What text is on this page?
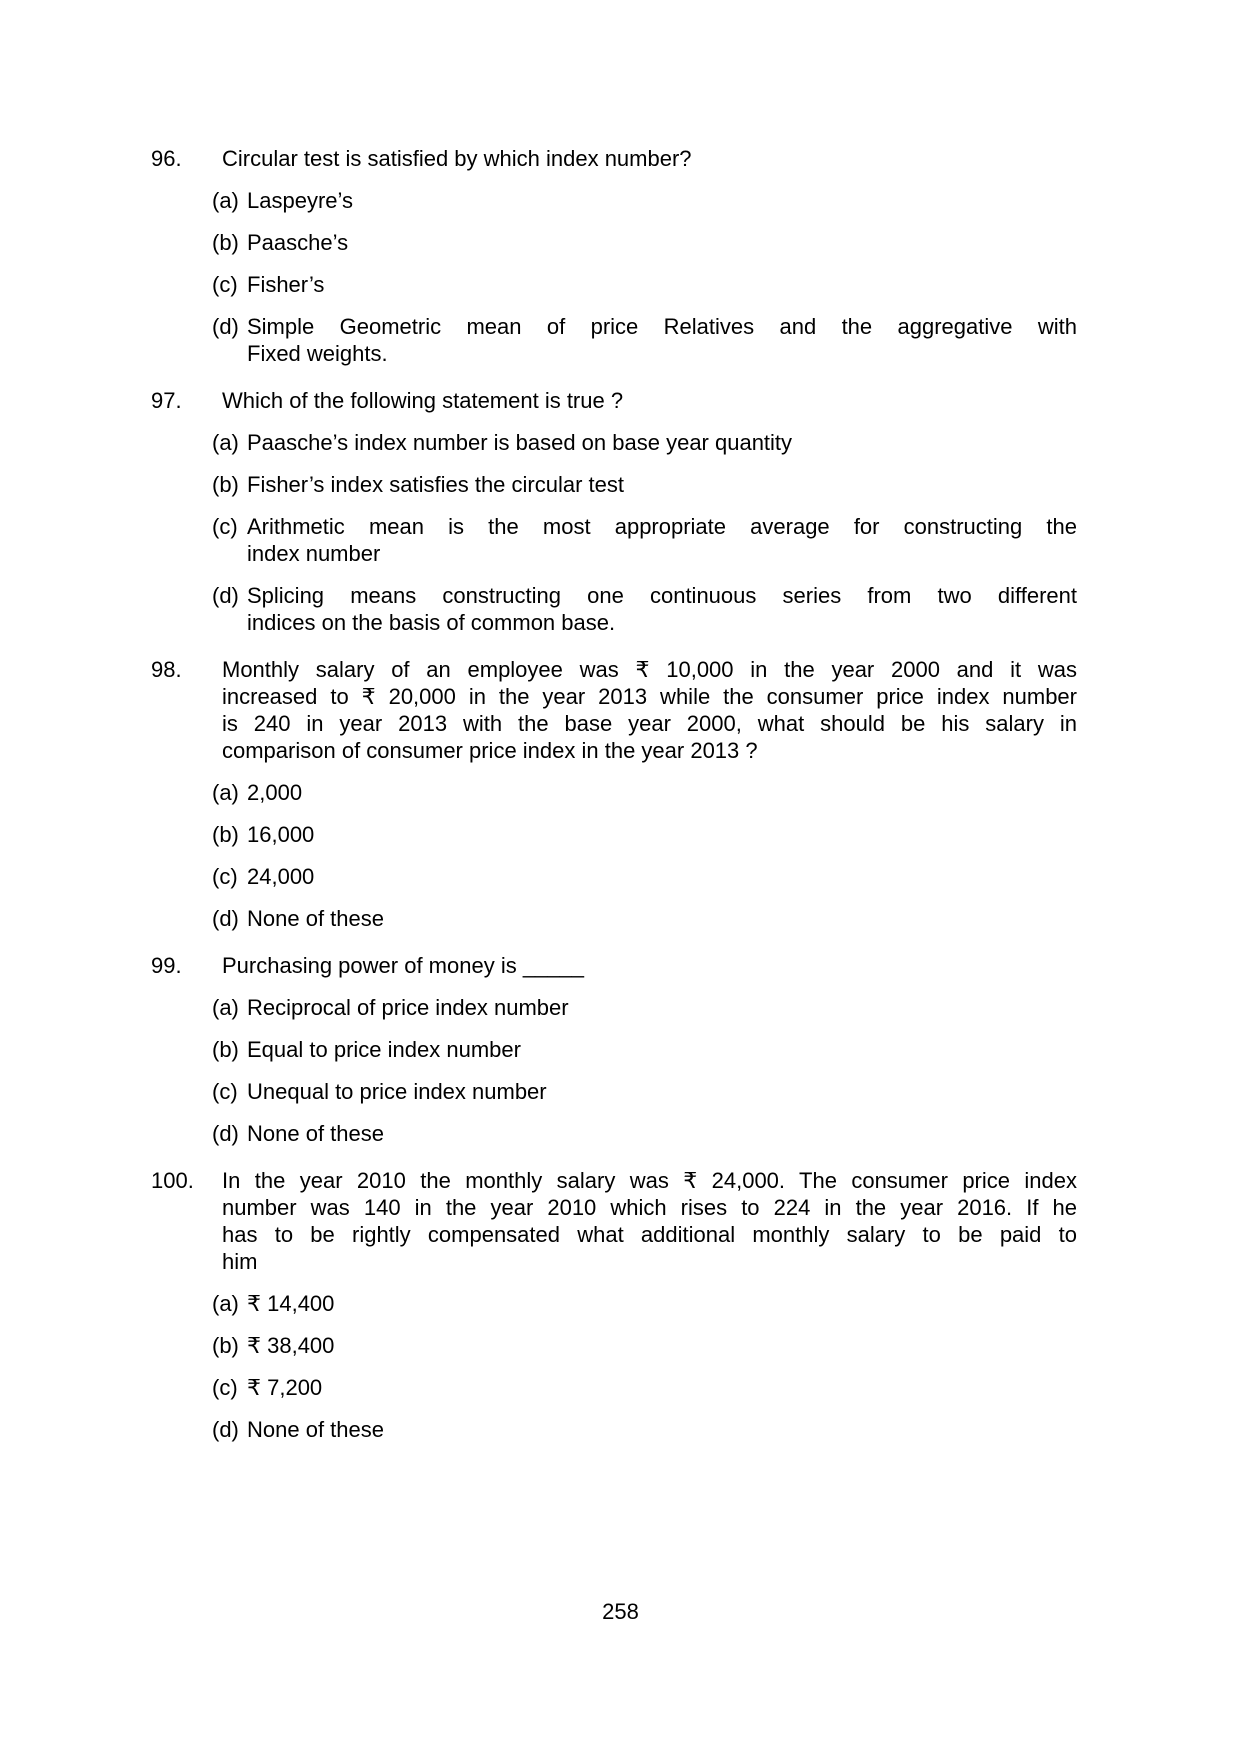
96.	Circular test is satisfied by which index number?
(a) Laspeyre’s
(b) Paasche’s
(c) Fisher’s
(d) Simple Geometric mean of price Relatives and the aggregative with
Fixed weights.
97.	Which of the following statement is true ?
(a) Paasche’s index number is based on base year quantity
(b) Fisher’s index satisfies the circular test
(c) Arithmetic mean is the most appropriate average for constructing the
index number
(d) Splicing means constructing one continuous series from two different
indices on the basis of common base.
98.	Monthly salary of an employee was ₹ 10,000 in the year 2000 and it was
increased to ₹ 20,000 in the year 2013 while the consumer price index number
is 240 in year 2013 with the base year 2000, what should be his salary in
comparison of consumer price index in the year 2013 ?
(a) 2,000
(b) 16,000
(c) 24,000
(d) None of these
99.	Purchasing power of money is _____
(a) Reciprocal of price index number
(b) Equal to price index number
(c) Unequal to price index number
(d) None of these
100.	In the year 2010 the monthly salary was ₹ 24,000. The consumer price index
number was 140 in the year 2010 which rises to 224 in the year 2016. If he
has to be rightly compensated what additional monthly salary to be paid to
him
(a) ₹ 14,400
(b) ₹ 38,400
(c) ₹ 7,200
(d) None of these
258
